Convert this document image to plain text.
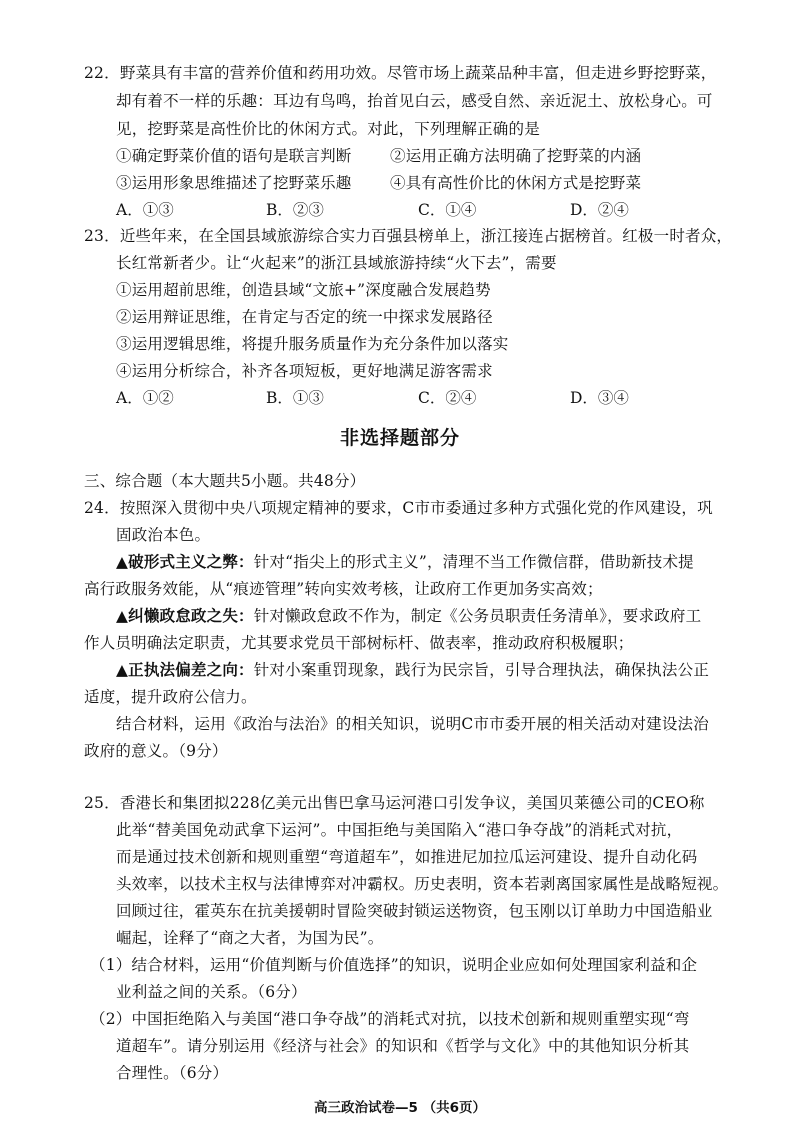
22．野菜具有丰富的营养价值和药用功效。尽管市场上蔬菜品种丰富，但走进乡野挖野菜，
却有着不一样的乐趣：耳边有鸟鸣，抬首见白云，感受自然、亲近泥土、放松身心。可
见，挖野菜是高性价比的休闲方式。对此，下列理解正确的是
①确定野菜价值的语句是联言判断 ②运用正确方法明确了挖野菜的内涵
③运用形象思维描述了挖野菜乐趣 ④具有高性价比的休闲方式是挖野菜
A．①③	B．②③	C．①④	D．②④
23．近些年来，在全国县域旅游综合实力百强县榜单上，浙江接连占据榜首。红极一时者众，
长红常新者少。让“火起来”的浙江县域旅游持续“火下去”，需要
①运用超前思维，创造县域“文旅+”深度融合发展趋势
②运用辩证思维，在肯定与否定的统一中探求发展路径
③运用逻辑思维，将提升服务质量作为充分条件加以落实
④运用分析综合，补齐各项短板，更好地满足游客需求
A．①②	B．①③	C．②④	D．③④
非选择题部分
三、综合题（本大题共5小题。共48分）
24．按照深入贯彻中央八项规定精神的要求，C市市委通过多种方式强化党的作风建设，巩
固政治本色。
▲破形式主义之弊：针对“指尖上的形式主义”，清理不当工作微信群，借助新技术提
高行政服务效能，从“痕迹管理”转向实效考核，让政府工作更加务实高效；
▲纠懒政怠政之失：针对懒政怠政不作为，制定《公务员职责任务清单》，要求政府工
作人员明确法定职责，尤其要求党员干部树标杆、做表率，推动政府积极履职；
▲正执法偏差之向：针对小案重罚现象，践行为民宗旨，引导合理执法，确保执法公正
适度，提升政府公信力。
结合材料，运用《政治与法治》的相关知识，说明C市市委开展的相关活动对建设法治
政府的意义。（9分）
25．香港长和集团拟228亿美元出售巴拿马运河港口引发争议，美国贝莱德公司的CEO称
此举“替美国免动武拿下运河”。中国拒绝与美国陷入“港口争夺战”的消耗式对抗，
而是通过技术创新和规则重塑“弯道超车”，如推进尼加拉瓜运河建设、提升自动化码
头效率，以技术主权与法律博弈对冲霸权。历史表明，资本若剥离国家属性是战略短视。
回顾过往，霍英东在抗美援朝时冒险突破封锁运送物资，包玉刚以订单助力中国造船业
崛起，诠释了“商之大者，为国为民”。
（1）结合材料，运用“价值判断与价值选择”的知识，说明企业应如何处理国家利益和企
业利益之间的关系。（6分）
（2）中国拒绝陷入与美国“港口争夺战”的消耗式对抗，以技术创新和规则重塑实现“弯
道超车”。请分别运用《经济与社会》的知识和《哲学与文化》中的其他知识分析其
合理性。（6分）
高三政治试卷—5 （共6页）
